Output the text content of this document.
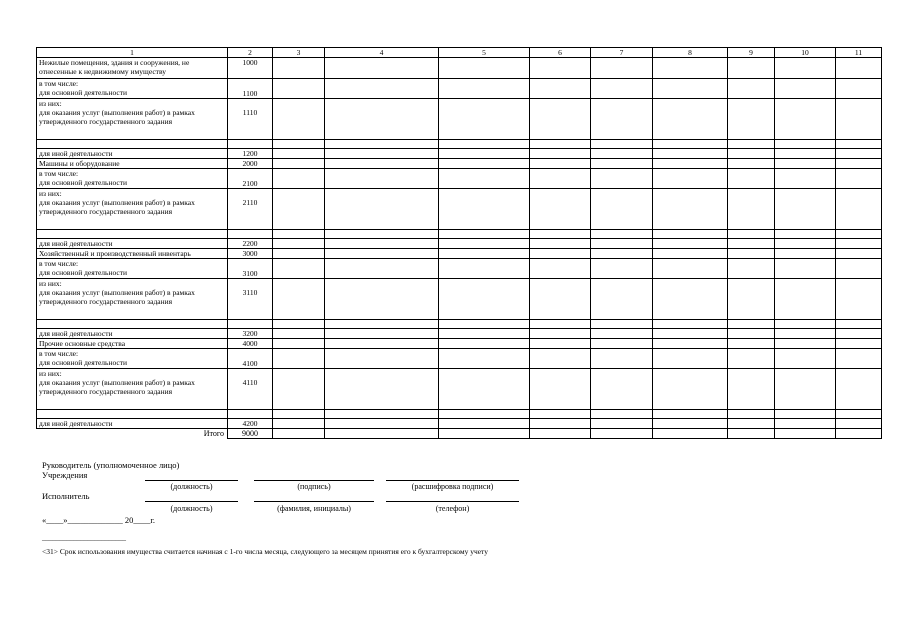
1	2	3	4	5	6	7	8	9	10	11
Нежилые помещения, здания и сооружения, не отнесенные к недвижимому имуществу	1000									
в том числе:
для основной деятельности	1100									
из них:
для оказания услуг (выполнения работ) в рамках утвержденного государственного задания	1110									

для иной деятельности	1200									
Машины и оборудование	2000									
в том числе:
для основной деятельности	2100									
из них:
для оказания услуг (выполнения работ) в рамках утвержденного государственного задания	2110									

для иной деятельности	2200									
Хозяйственный и производственный инвентарь	3000									
в том числе:
для основной деятельности	3100									
из них:
для оказания услуг (выполнения работ) в рамках утвержденного государственного задания	3110									

для иной деятельности	3200									
Прочие основные средства	4000									
в том числе:
для основной деятельности	4100									
из них:
для оказания услуг (выполнения работ) в рамках утвержденного государственного задания	4110									

для иной деятельности	4200									
Итого	9000									
Руководитель (уполномоченное лицо)
Учреждения
(должность)	(подпись)	(расшифровка подписи)
Исполнитель
(должность)	(фамилия, инициалы)	(телефон)
«____»_____________ 20____г.
________________________
<31> Срок использования имущества считается начиная с 1-го числа месяца, следующего за месяцем принятия его к бухгалтерскому учету
